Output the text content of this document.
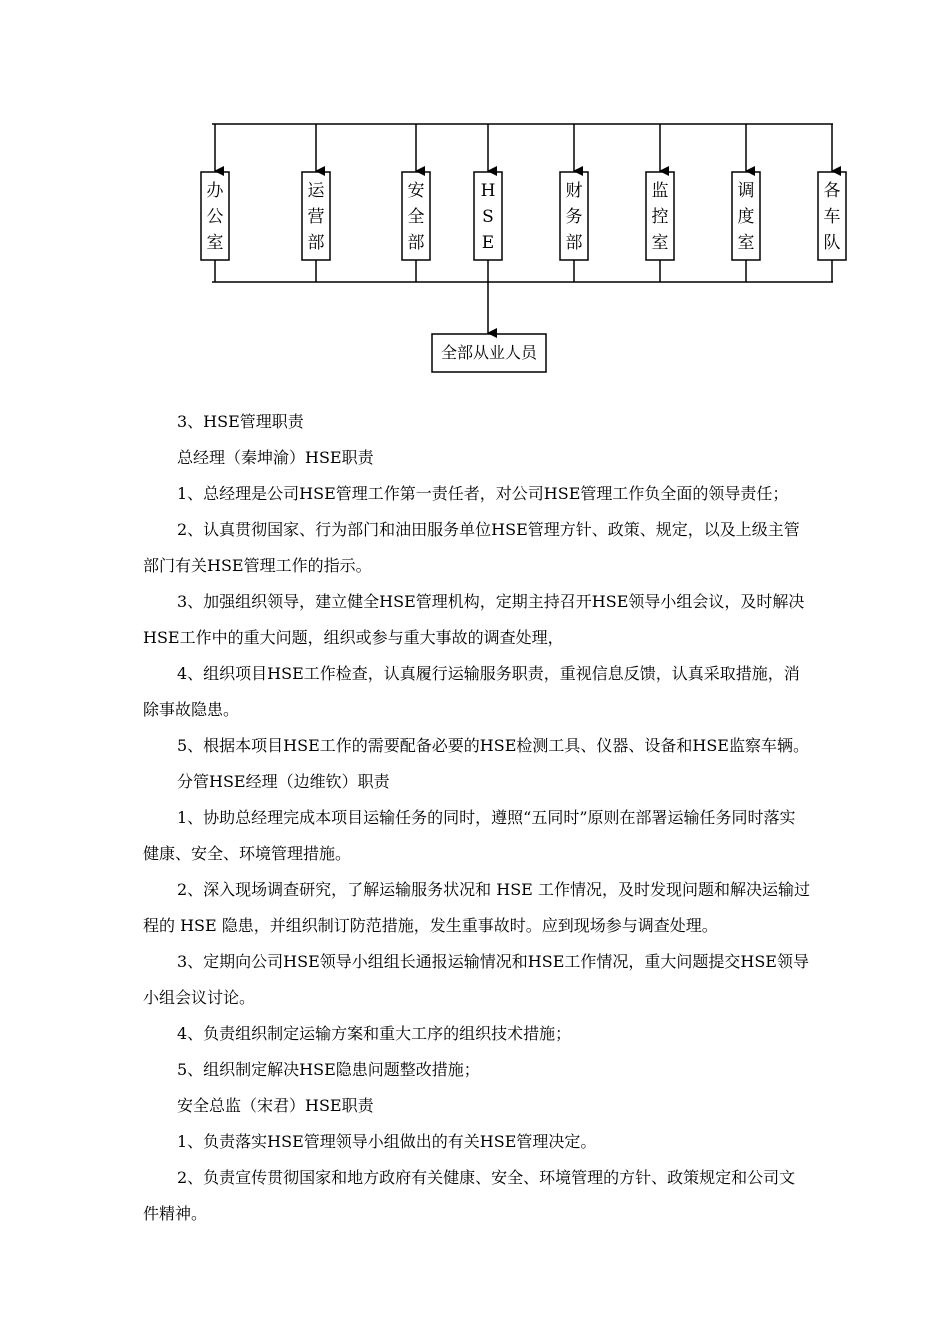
办
公
室
运
营
部
安
全
部
H
S
E
财
务
部
监
控
室
调
度
室
各
车
队
全部从业人员

3、HSE管理职责

总经理（秦坤渝）HSE职责

1、总经理是公司HSE管理工作第一责任者，对公司HSE管理工作负全面的领导责任；

2、认真贯彻国家、行为部门和油田服务单位HSE管理方针、政策、规定，以及上级主管部门有关HSE管理工作的指示。

3、加强组织领导，建立健全HSE管理机构，定期主持召开HSE领导小组会议，及时解决HSE工作中的重大问题，组织或参与重大事故的调查处理，

4、组织项目HSE工作检查，认真履行运输服务职责，重视信息反馈，认真采取措施，消除事故隐患。

5、根据本项目HSE工作的需要配备必要的HSE检测工具、仪器、设备和HSE监察车辆。

分管HSE经理（边维钦）职责

1、协助总经理完成本项目运输任务的同时，遵照“五同时”原则在部署运输任务同时落实健康、安全、环境管理措施。

2、深入现场调查研究，了解运输服务状况和 HSE 工作情况，及时发现问题和解决运输过程的 HSE 隐患，并组织制订防范措施，发生重事故时。应到现场参与调查处理。

3、定期向公司HSE领导小组组长通报运输情况和HSE工作情况，重大问题提交HSE领导小组会议讨论。

4、负责组织制定运输方案和重大工序的组织技术措施；

5、组织制定解决HSE隐患问题整改措施；

安全总监（宋君）HSE职责

1、负责落实HSE管理领导小组做出的有关HSE管理决定。

2、负责宣传贯彻国家和地方政府有关健康、安全、环境管理的方针、政策规定和公司文件精神。
